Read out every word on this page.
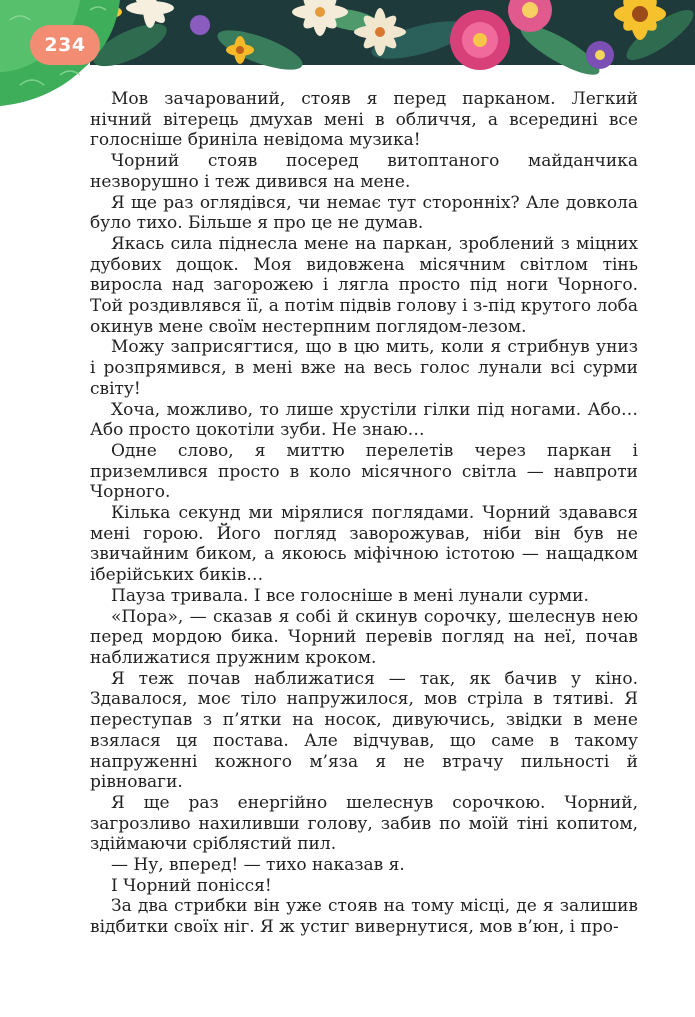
234

Мов зачарований, стояв я перед парканом. Легкий нічний вітерець дмухав мені в обличчя, а всередині все голосніше бриніла невідома музика!

Чорний стояв посеред витоптаного майданчика незворушно і теж дивився на мене.

Я ще раз оглядівся, чи немає тут сторонніх? Але довкола було тихо. Більше я про це не думав.

Якась сила піднесла мене на паркан, зроблений з міцних дубових дощок. Моя видовжена місячним світлом тінь виросла над загорожею і лягла просто під ноги Чорного. Той роздивлявся її, а потім підвів голову і з-під крутого лоба окинув мене своїм нестерпним поглядом-лезом.

Можу заприсягтися, що в цю мить, коли я стрибнув униз і розпрямився, в мені вже на весь голос лунали всі сурми світу!

Хоча, можливо, то лише хрустіли гілки під ногами. Або… Або просто цокотіли зуби. Не знаю…

Одне слово, я миттю перелетів через паркан і приземлився просто в коло місячного світла — навпроти Чорного.

Кілька секунд ми мірялися поглядами. Чорний здавався мені горою. Його погляд заворожував, ніби він був не звичайним биком, а якоюсь міфічною істотою — нащадком іберійських биків…

Пауза тривала. І все голосніше в мені лунали сурми.

«Пора», — сказав я собі й скинув сорочку, шелеснув нею перед мордою бика. Чорний перевів погляд на неї, почав наближатися пружним кроком.

Я теж почав наближатися — так, як бачив у кіно. Здавалося, моє тіло напружилося, мов стріла в тятиві. Я переступав з п’ятки на носок, дивуючись, звідки в мене взялася ця постава. Але відчував, що саме в такому напруженні кожного м’яза я не втрачу пильності й рівноваги.

Я ще раз енергійно шелеснув сорочкою. Чорний, загрозливо нахиливши голову, забив по моїй тіні копитом, здіймаючи сріблястий пил.

— Ну, вперед! — тихо наказав я.

І Чорний понісся!

За два стрибки він уже стояв на тому місці, де я залишив відбитки своїх ніг. Я ж устиг вивернутися, мов в’юн, і про-
